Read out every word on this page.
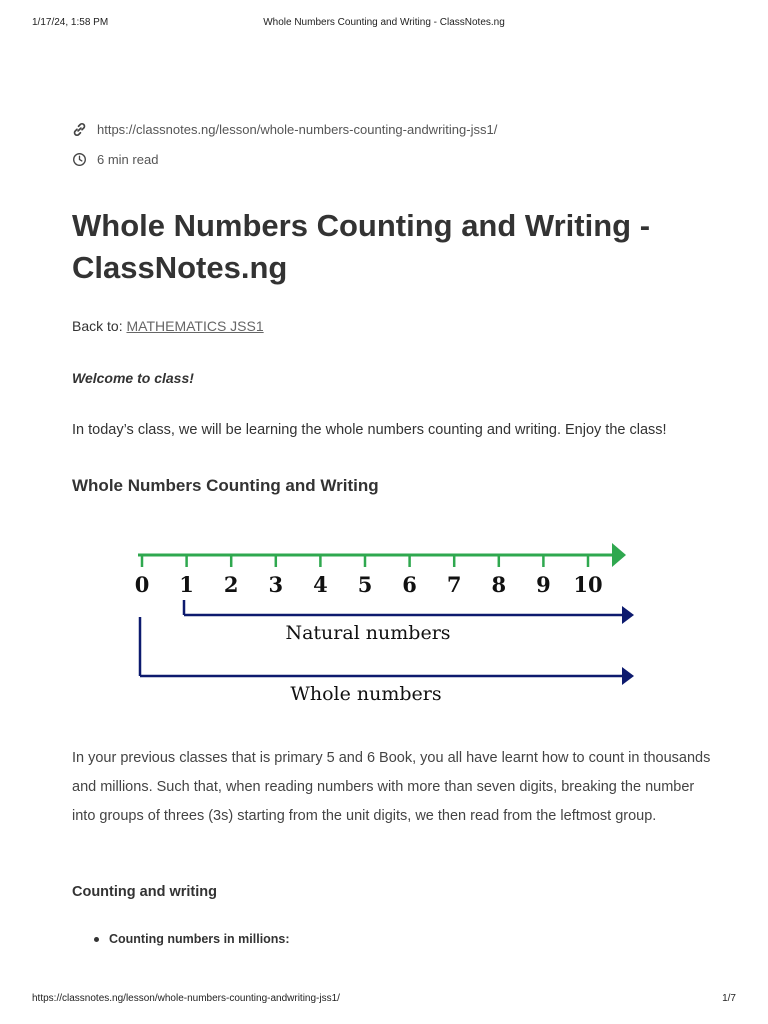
1/17/24, 1:58 PM	Whole Numbers Counting and Writing - ClassNotes.ng
https://classnotes.ng/lesson/whole-numbers-counting-andwriting-jss1/
6 min read
Whole Numbers Counting and Writing - ClassNotes.ng
Back to: MATHEMATICS JSS1
Welcome to class!
In today’s class, we will be learning the whole numbers counting and writing. Enjoy the class!
Whole Numbers Counting and Writing
0 1 2 3 4 5 6 7 8 9 10
Natural numbers
Whole numbers

In your previous classes that is primary 5 and 6 Book, you all have learnt how to count in thousands and millions. Such that, when reading numbers with more than seven digits, breaking the number into groups of threes (3s) starting from the unit digits, we then read from the leftmost group.

Counting and writing
Counting numbers in millions:
https://classnotes.ng/lesson/whole-numbers-counting-andwriting-jss1/	1/7
